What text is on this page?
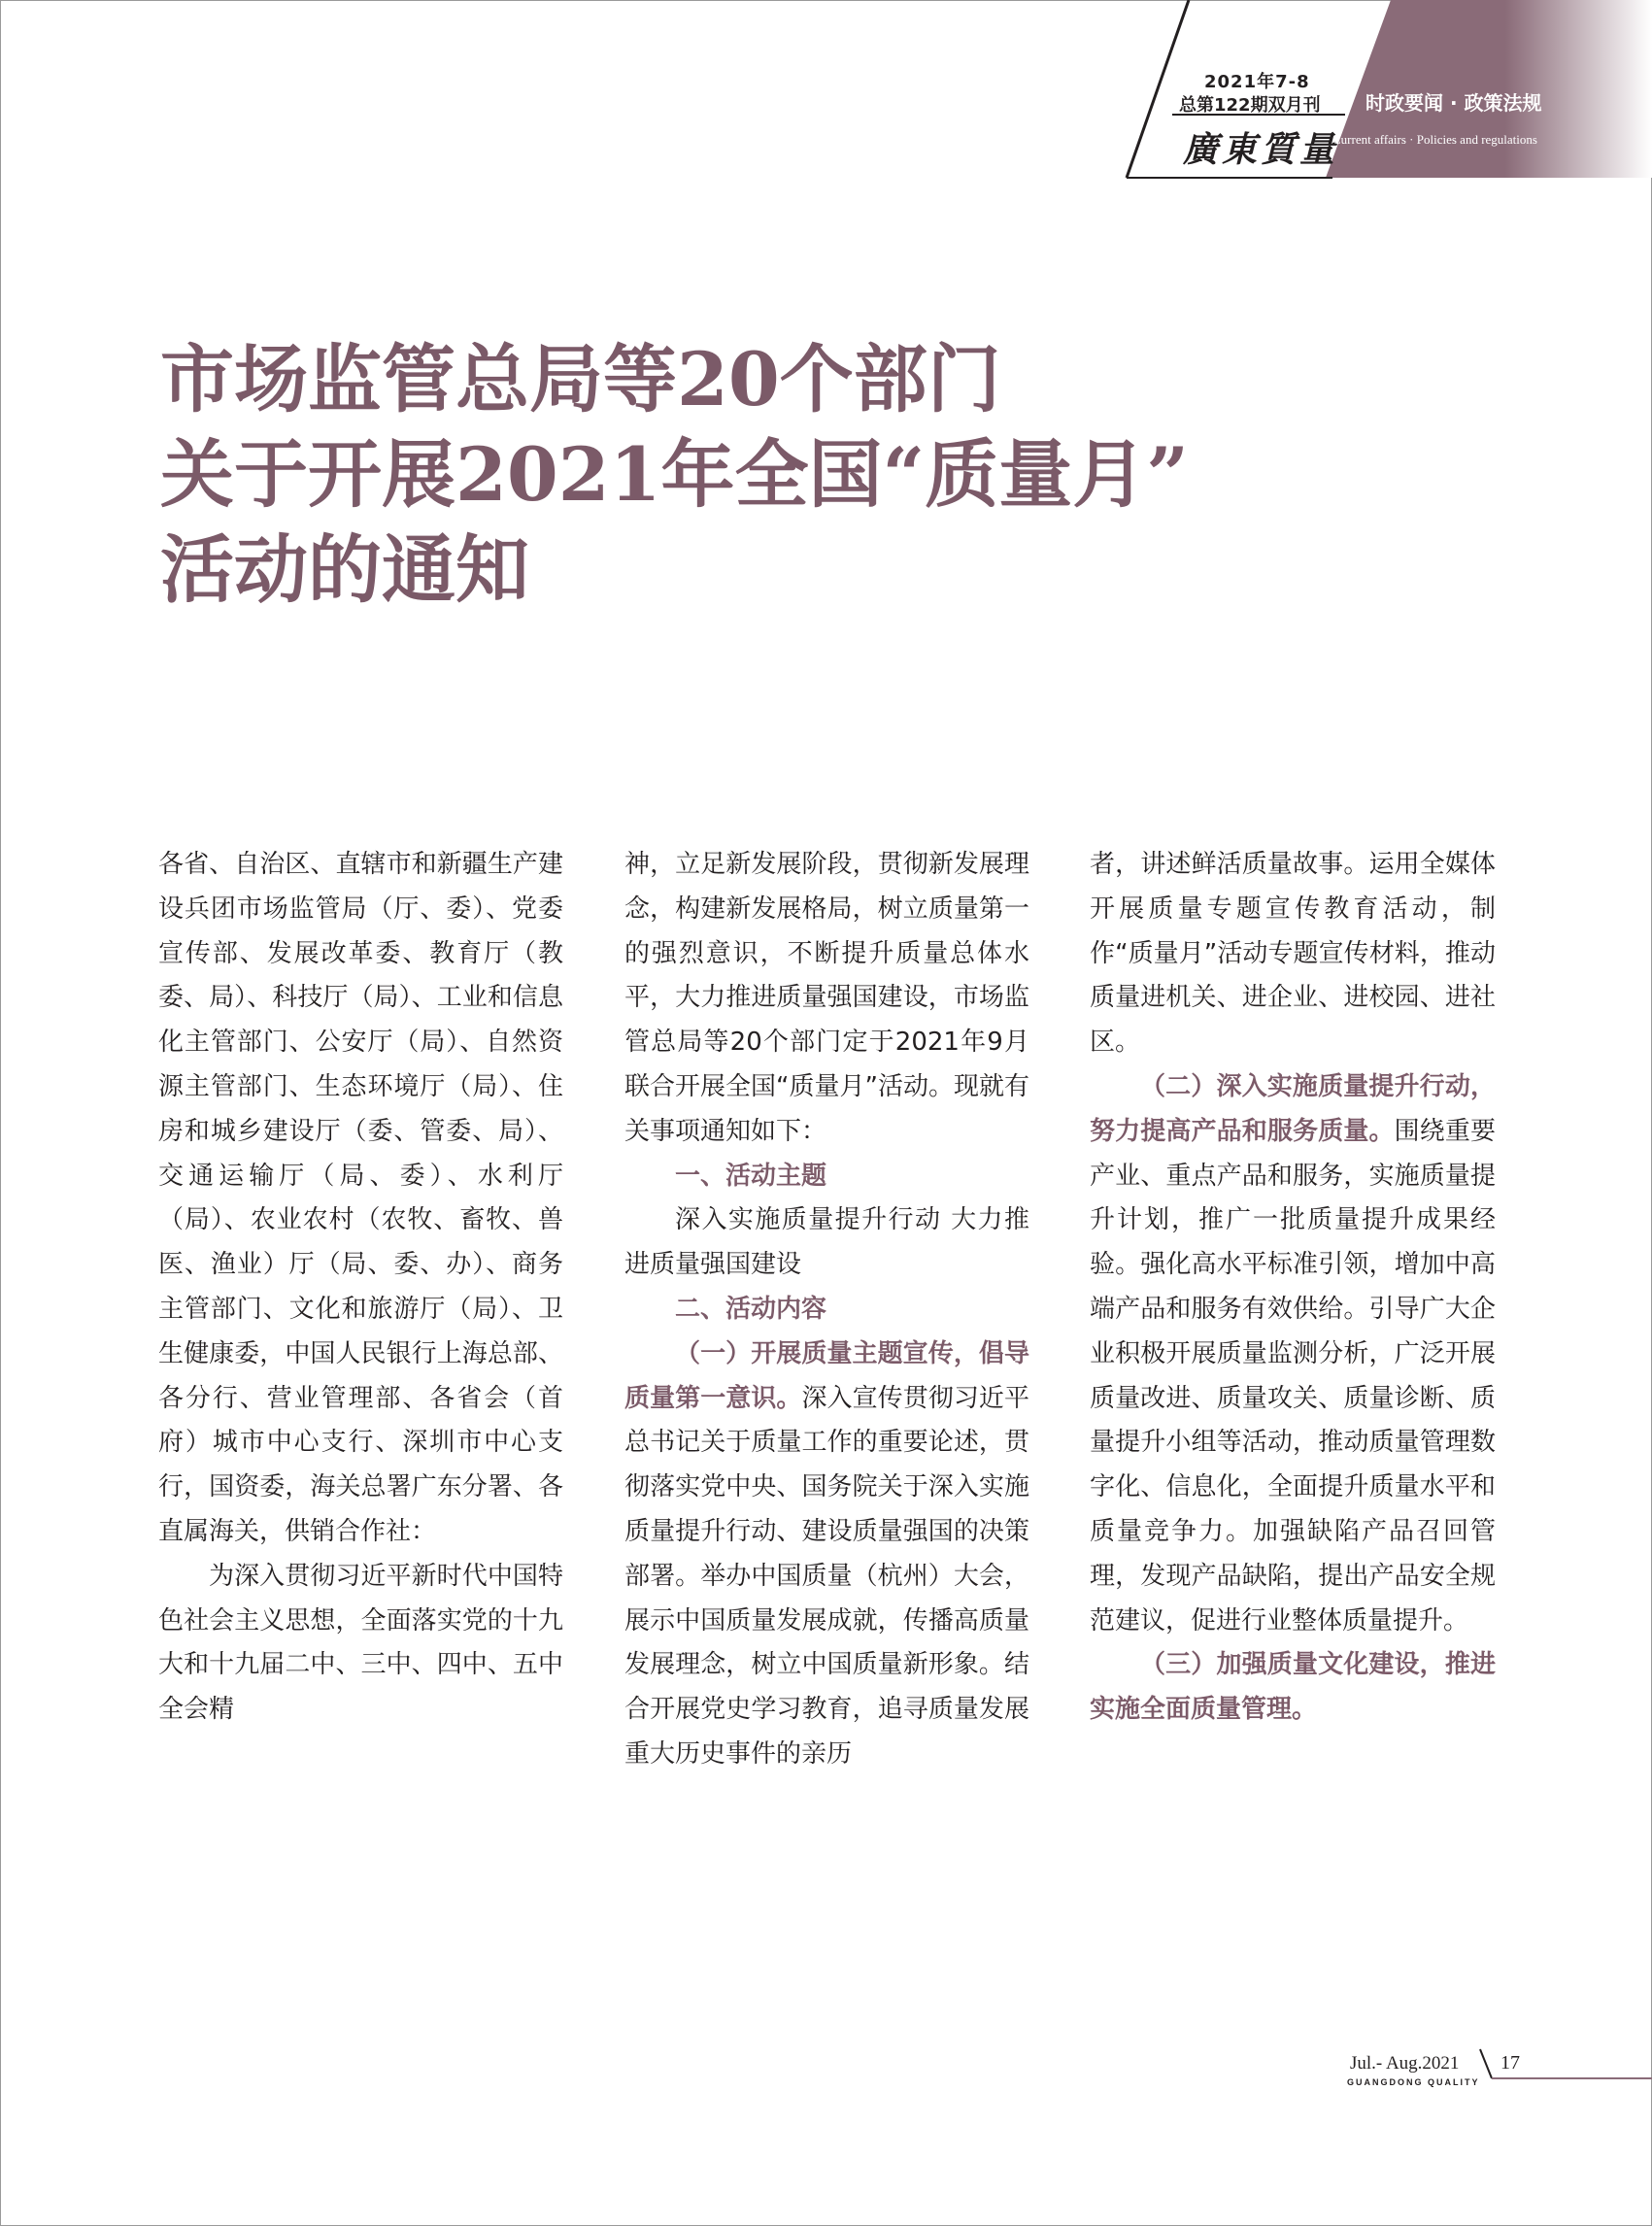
2021年7-8
总第122期双月刊
廣東質量
时政要闻 · 政策法规
Current affairs · Policies and regulations
市场监管总局等20个部门
关于开展2021年全国“质量月”
活动的通知

各省、自治区、直辖市和新疆生产建设兵团市场监管局（厅、委）、党委宣传部、发展改革委、教育厅（教委、局）、科技厅（局）、工业和信息化主管部门、公安厅（局）、自然资源主管部门、生态环境厅（局）、住房和城乡建设厅（委、管委、局）、交通运输厅（局、委）、水利厅（局）、农业农村（农牧、畜牧、兽医、渔业）厅（局、委、办）、商务主管部门、文化和旅游厅（局）、卫生健康委，中国人民银行上海总部、各分行、营业管理部、各省会（首府）城市中心支行、深圳市中心支行，国资委，海关总署广东分署、各直属海关，供销合作社：

为深入贯彻习近平新时代中国特色社会主义思想，全面落实党的十九大和十九届二中、三中、四中、五中全会精

神，立足新发展阶段，贯彻新发展理念，构建新发展格局，树立质量第一的强烈意识，不断提升质量总体水平，大力推进质量强国建设，市场监管总局等20个部门定于2021年9月联合开展全国“质量月”活动。现就有关事项通知如下：

一、活动主题

深入实施质量提升行动 大力推进质量强国建设

二、活动内容

（一）开展质量主题宣传，倡导质量第一意识。深入宣传贯彻习近平总书记关于质量工作的重要论述，贯彻落实党中央、国务院关于深入实施质量提升行动、建设质量强国的决策部署。举办中国质量（杭州）大会，展示中国质量发展成就，传播高质量发展理念，树立中国质量新形象。结合开展党史学习教育，追寻质量发展重大历史事件的亲历

者，讲述鲜活质量故事。运用全媒体开展质量专题宣传教育活动，制作“质量月”活动专题宣传材料，推动质量进机关、进企业、进校园、进社区。

（二）深入实施质量提升行动，努力提高产品和服务质量。围绕重要产业、重点产品和服务，实施质量提升计划，推广一批质量提升成果经验。强化高水平标准引领，增加中高端产品和服务有效供给。引导广大企业积极开展质量监测分析，广泛开展质量改进、质量攻关、质量诊断、质量提升小组等活动，推动质量管理数字化、信息化，全面提升质量水平和质量竞争力。加强缺陷产品召回管理，发现产品缺陷，提出产品安全规范建议，促进行业整体质量提升。

（三）加强质量文化建设，推进实施全面质量管理。

Jul.- Aug.2021
GUANGDONG QUALITY
17
